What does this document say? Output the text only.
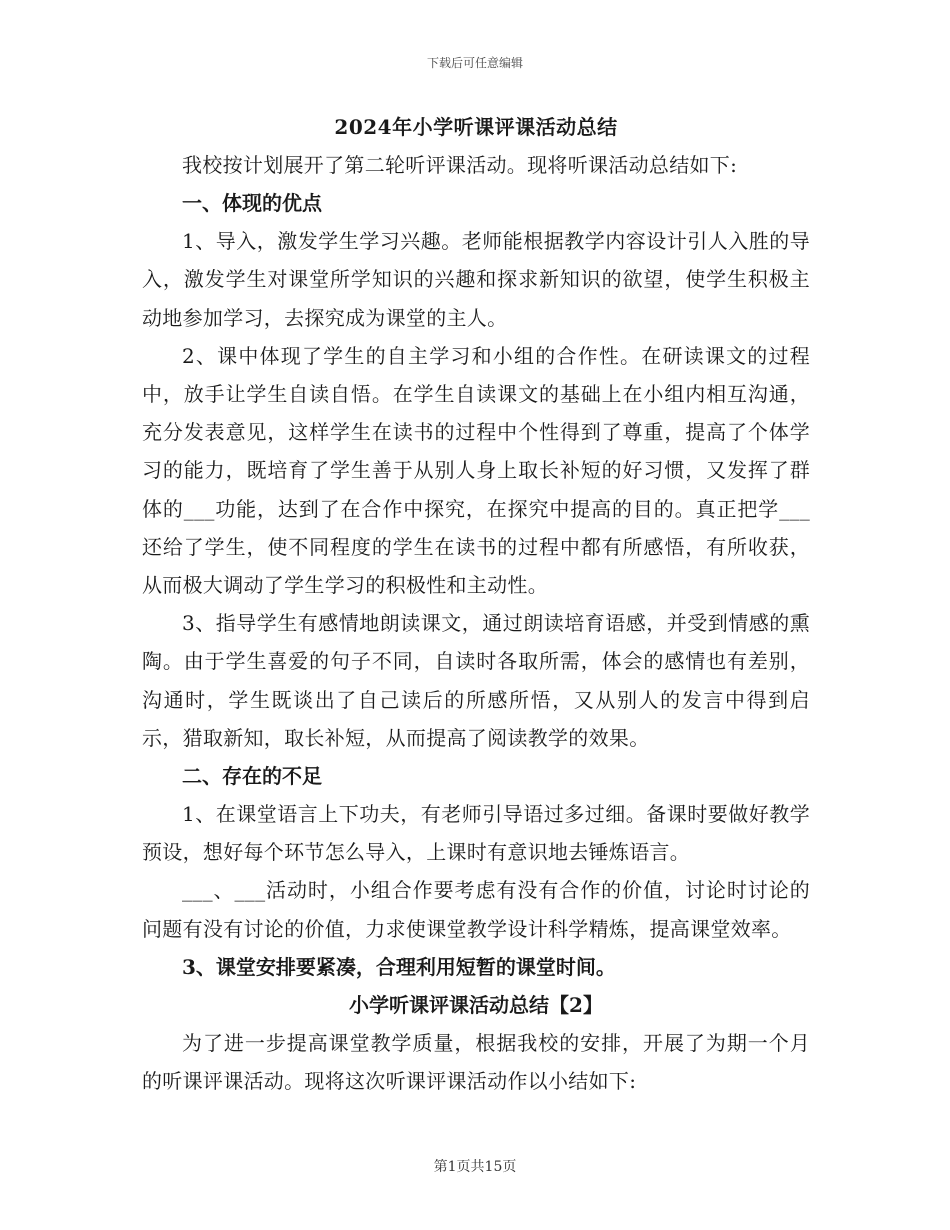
下载后可任意编辑
2024年小学听课评课活动总结

我校按计划展开了第二轮听评课活动。现将听课活动总结如下:

一、体现的优点

1、导入，激发学生学习兴趣。老师能根据教学内容设计引人入胜的导入，激发学生对课堂所学知识的兴趣和探求新知识的欲望，使学生积极主动地参加学习，去探究成为课堂的主人。

2、课中体现了学生的自主学习和小组的合作性。在研读课文的过程中，放手让学生自读自悟。在学生自读课文的基础上在小组内相互沟通，充分发表意见，这样学生在读书的过程中个性得到了尊重，提高了个体学习的能力，既培育了学生善于从别人身上取长补短的好习惯，又发挥了群体的___功能，达到了在合作中探究，在探究中提高的目的。真正把学___还给了学生，使不同程度的学生在读书的过程中都有所感悟，有所收获，从而极大调动了学生学习的积极性和主动性。

3、指导学生有感情地朗读课文，通过朗读培育语感，并受到情感的熏陶。由于学生喜爱的句子不同，自读时各取所需，体会的感情也有差别，沟通时，学生既谈出了自己读后的所感所悟，又从别人的发言中得到启示，猎取新知，取长补短，从而提高了阅读教学的效果。

二、存在的不足

1、在课堂语言上下功夫，有老师引导语过多过细。备课时要做好教学预设，想好每个环节怎么导入，上课时有意识地去锤炼语言。

___、___活动时，小组合作要考虑有没有合作的价值，讨论时讨论的问题有没有讨论的价值，力求使课堂教学设计科学精炼，提高课堂效率。

3、课堂安排要紧凑，合理利用短暂的课堂时间。
小学听课评课活动总结【2】

为了进一步提高课堂教学质量，根据我校的安排，开展了为期一个月的听课评课活动。现将这次听课评课活动作以小结如下:

第1页共15页
